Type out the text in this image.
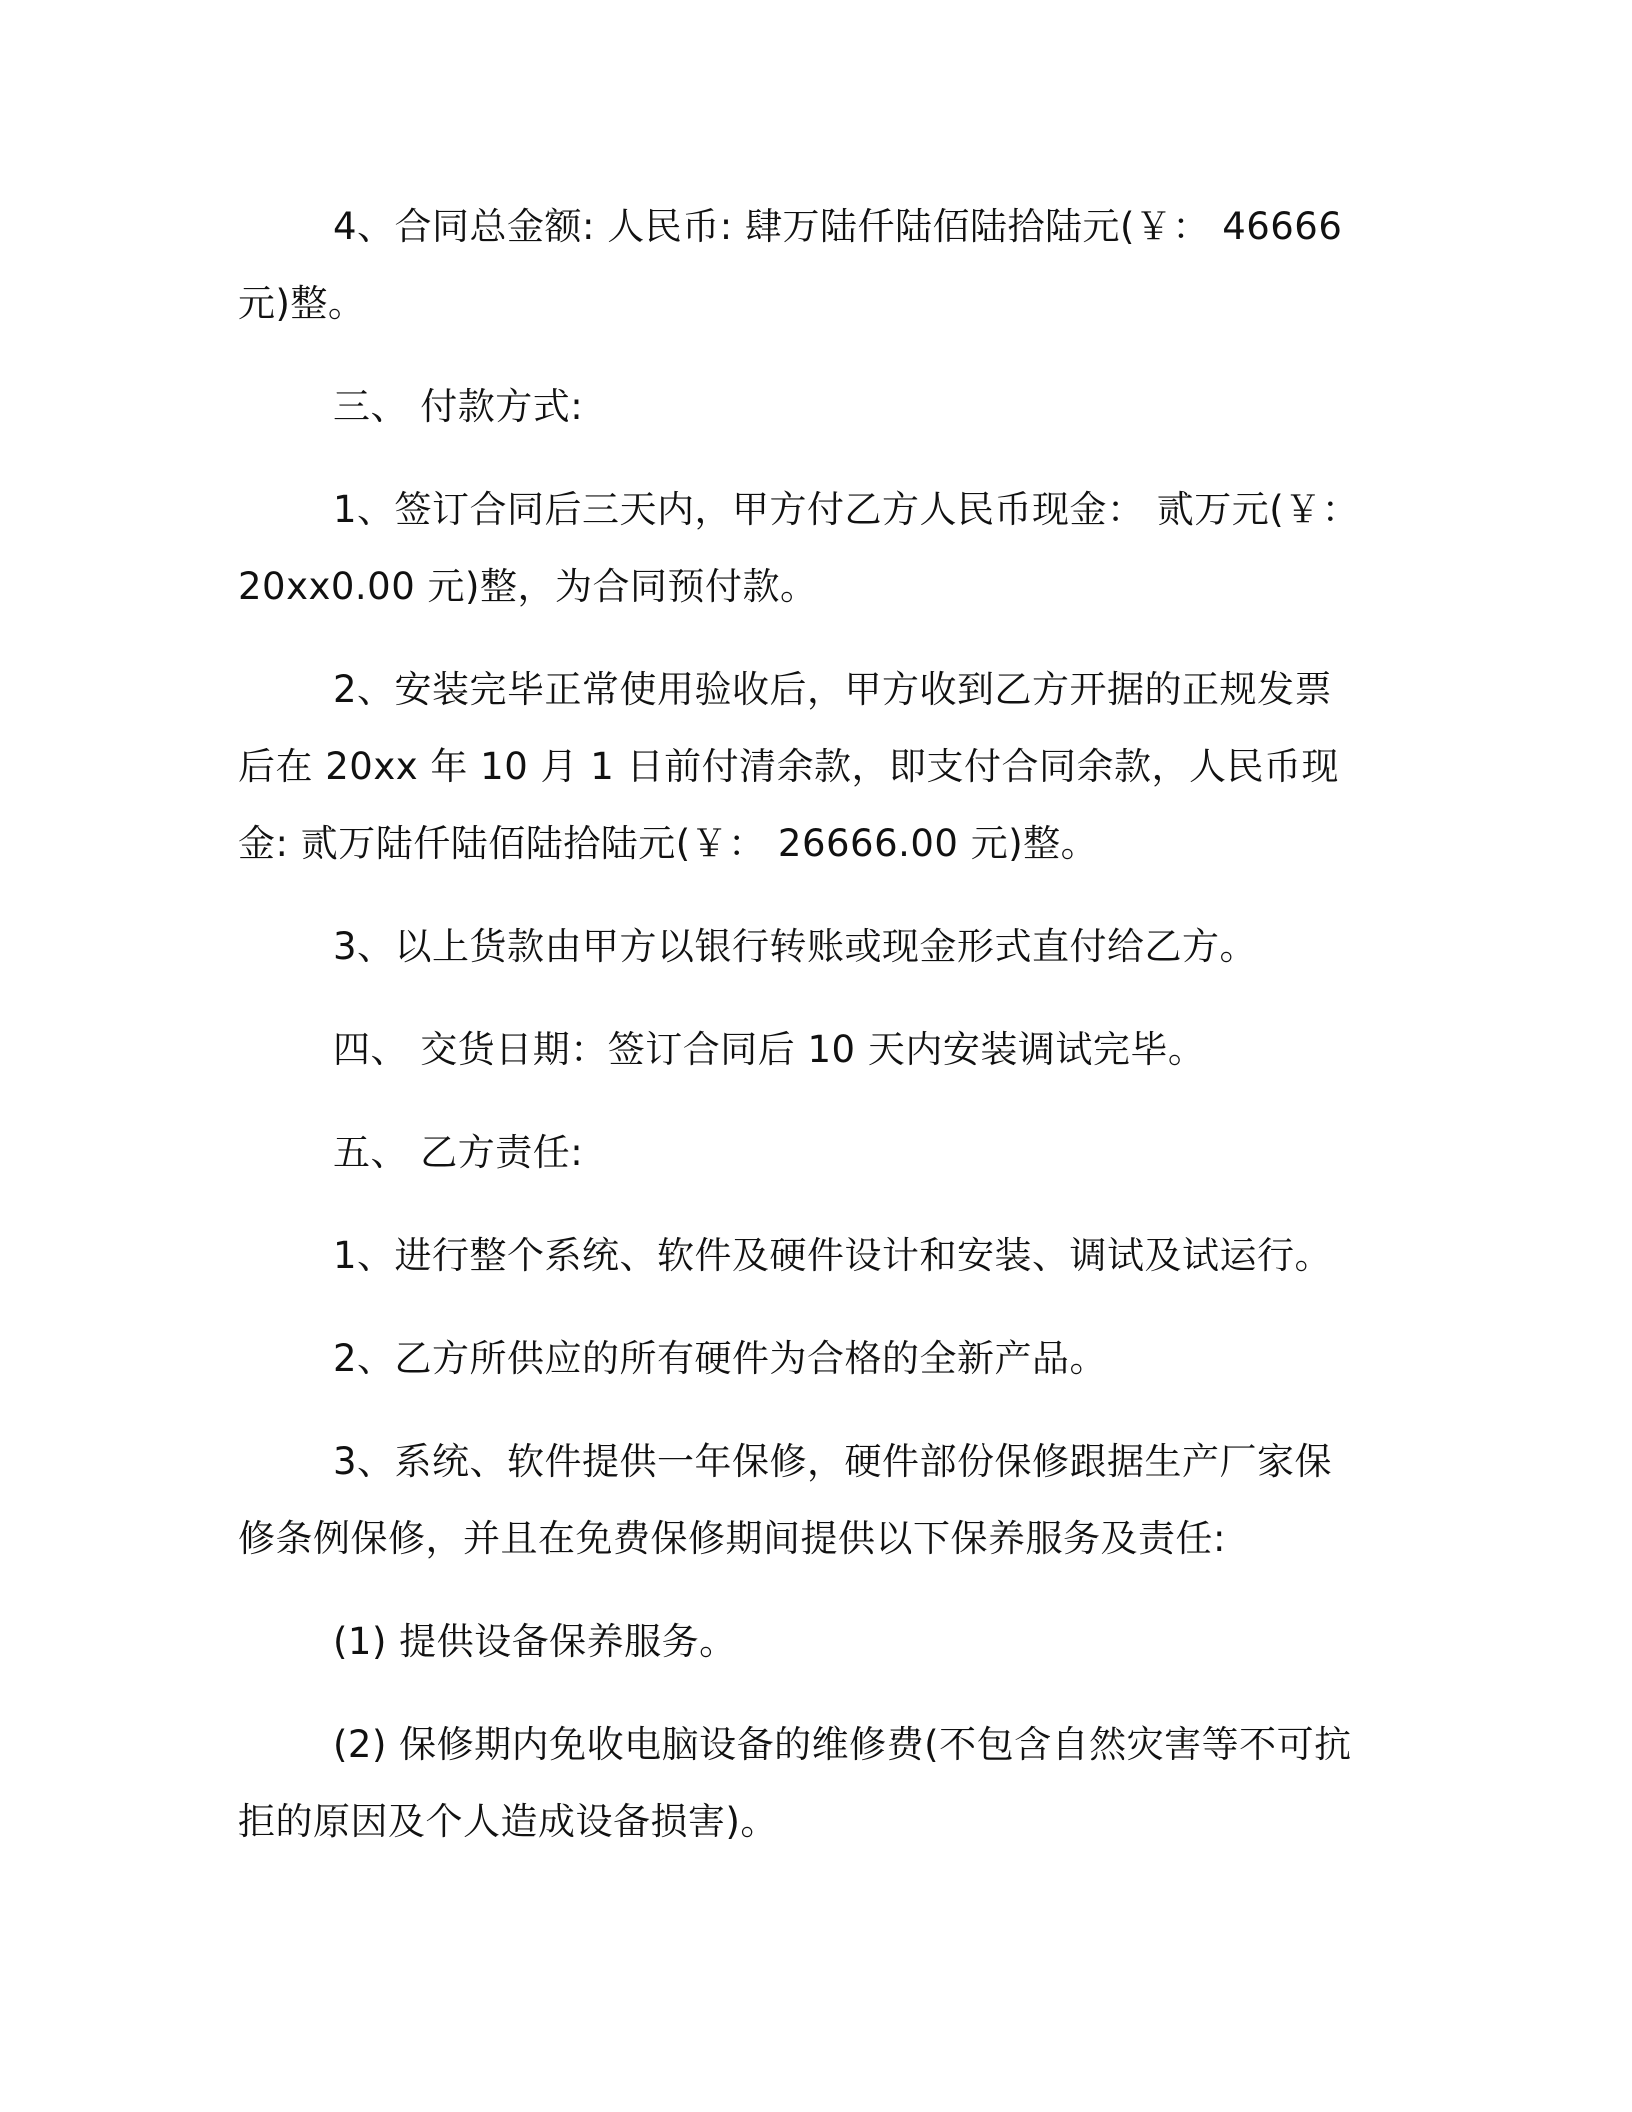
4、合同总金额: 人民币: 肆万陆仟陆佰陆拾陆元(￥： 46666 元)整。

三、 付款方式:

1、签订合同后三天内，甲方付乙方人民币现金： 贰万元(￥： 20xx0.00 元)整，为合同预付款。

2、安装完毕正常使用验收后，甲方收到乙方开据的正规发票后在 20xx 年 10 月 1 日前付清余款，即支付合同余款，人民币现金: 贰万陆仟陆佰陆拾陆元(￥： 26666.00 元)整。

3、以上货款由甲方以银行转账或现金形式直付给乙方。

四、 交货日期：签订合同后 10 天内安装调试完毕。

五、 乙方责任:

1、进行整个系统、软件及硬件设计和安装、调试及试运行。

2、乙方所供应的所有硬件为合格的全新产品。

3、系统、软件提供一年保修，硬件部份保修跟据生产厂家保修条例保修，并且在免费保修期间提供以下保养服务及责任:

(1) 提供设备保养服务。

(2) 保修期内免收电脑设备的维修费(不包含自然灾害等不可抗拒的原因及个人造成设备损害)。
